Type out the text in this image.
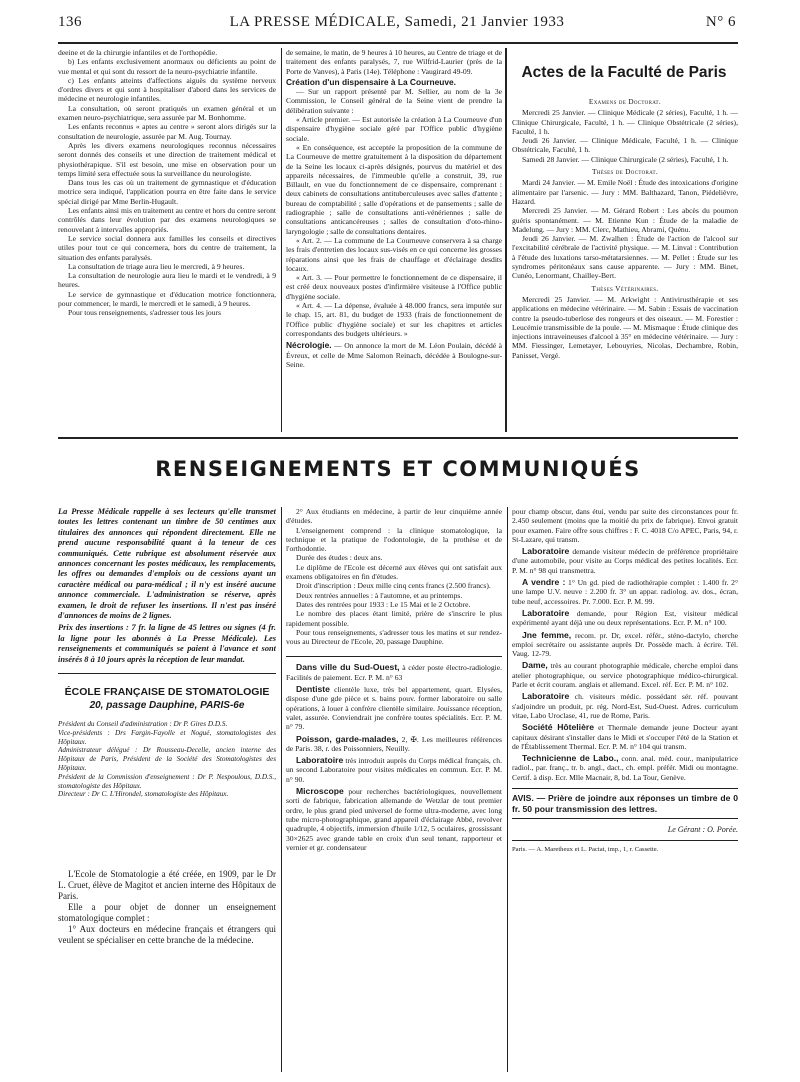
136	LA PRESSE MÉDICALE, Samedi, 21 Janvier 1933	N° 6

deeine et de la chirurgie infantiles et de l'orthopédie.

b) Les enfants exclusivement anormaux ou déficients au point de vue mental et qui sont du ressort de la neuro-psychiatrie infantile.

c) Les enfants atteints d'affections aiguës du système nerveux d'ordres divers et qui sont à hospitaliser d'abord dans les services de médecine et neurologie infantiles.

La consultation, où seront pratiqués un examen général et un examen neuro-psychiatrique, sera assurée par M. Bonhomme.

Les enfants reconnus « aptes au centre » seront alors dirigés sur la consultation de neurologie, assurée par M. Aug. Tournay.

Après les divers examens neurologiques reconnus nécessaires seront donnés des conseils et une direction de traitement médical et physiothérapique. S'il est besoin, une mise en observation pour un temps limité sera effectuée sous la surveillance du neurologiste.

Dans tous les cas où un traitement de gymnastique et d'éducation motrice sera indiqué, l'application pourra en être faite dans le service spécial dirigé par Mme Berlin-Hugault.

Les enfants ainsi mis en traitement au centre et hors du centre seront contrôlés dans leur évolution par des examens neurologiques se renouvelant à intervalles appropriés.

Le service social donnera aux familles les conseils et directives utiles pour tout ce qui concernera, hors du centre de traitement, la situation des enfants paralysés.

La consultation de triage aura lieu le mercredi, à 9 heures.

La consultation de neurologie aura lieu le mardi et le vendredi, à 9 heures.

Le service de gymnastique et d'éducation motrice fonctionnera, pour commencer, le mardi, le mercredi et le samedi, à 9 heures.

Pour tous renseignements, s'adresser tous les jours

de semaine, le matin, de 9 heures à 10 heures, au Centre de triage et de traitement des enfants paralysés, 7, rue Wilfrid-Laurier (près de la Porte de Vanves), à Paris (14e). Téléphone : Vaugirard 49-09.

Création d'un dispensaire à La Courneuve.

— Sur un rapport présenté par M. Sellier, au nom de la 3e Commission, le Conseil général de la Seine vient de prendre la délibération suivante :

« Article premier. — Est autorisée la création à La Courneuve d'un dispensaire d'hygiène sociale géré par l'Office public d'hygiène sociale.

« En conséquence, est acceptée la proposition de la commune de La Courneuve de mettre gratuitement à la disposition du département de la Seine les locaux ci-après désignés, pourvus du matériel et des appareils nécessaires, de l'immeuble qu'elle a construit, 39, rue Billault, en vue du fonctionnement de ce dispensaire, comprenant : deux cabinets de consultations antituberculeuses avec salles d'attente ; bureau de comptabilité ; salle d'opérations et de pansements ; salle de radiographie ; salle de consultations anti-vénériennes ; salle de consultations anticancéreuses ; salles de consultation d'oto-rhino-laryngologie ; salle de consultations dentaires.

« Art. 2. — La commune de La Courneuve conservera à sa charge les frais d'entretien des locaux sus-visés en ce qui concerne les grosses réparations ainsi que les frais de chauffage et d'éclairage desdits locaux.

« Art. 3. — Pour permettre le fonctionnement de ce dispensaire, il est créé deux nouveaux postes d'infirmière visiteuse à l'Office public d'hygiène sociale.

« Art. 4. — La dépense, évaluée à 48.000 francs, sera imputée sur le chap. 15, art. 81, du budget de 1933 (frais de fonctionnement de l'Office public d'hygiène sociale) et sur les chapitres et articles correspondants des budgets ultérieurs. »

Nécrologie. — On annonce la mort de M. Léon Poulain, décédé à Évreux, et celle de Mme Salomon Reinach, décédée à Boulogne-sur-Seine.

Actes de la Faculté de Paris

Examens de Doctorat.

Mercredi 25 Janvier. — Clinique Médicale (2 séries), Faculté, 1 h. — Clinique Chirurgicale, Faculté, 1 h. — Clinique Obstétricale (2 séries), Faculté, 1 h.

Jeudi 26 Janvier. — Clinique Médicale, Faculté, 1 h. — Clinique Obstétricale, Faculté, 1 h.

Samedi 28 Janvier. — Clinique Chirurgicale (2 séries), Faculté, 1 h.

Thèses de Doctorat.

Mardi 24 Janvier. — M. Emile Noël : Étude des intoxications d'origine alimentaire par l'arsenic. — Jury : MM. Balthazard, Tanon, Piédelièvre, Hazard.

Mercredi 25 Janvier. — M. Gérard Robert : Les abcès du poumon guéris spontanément. — M. Etienne Kun : Étude de la maladie de Madelung. — Jury : MM. Clerc, Mathieu, Abrami, Quénu.

Jeudi 26 Janvier. — M. Zwalhen : Étude de l'action de l'alcool sur l'excitabilité cérébrale de l'activité physique. — M. Linval : Contribution à l'étude des luxations tarso-métatarsiennes. — M. Pellet : Étude sur les syndromes péritonéaux sans cause apparente. — Jury : MM. Binet, Cunéo, Lenormant, Chailley-Bert.

Thèses Vétérinaires.

Mercredi 25 Janvier. — M. Arkwight : Antivirusthérapie et ses applications en médecine vétérinaire. — M. Sabin : Essais de vaccination contre la pseudo-tuberlose des rongeurs et des oiseaux. — M. Forestier : Leucémie transmissible de la poule. — M. Mismaque : Étude clinique des injections intraveineuses d'alcool à 35° en médecine vétérinaire. — Jury : MM. Fiessinger, Lemetayer, Lebouyries, Nicolas, Dechambre, Robin, Panisset, Vergé.

RENSEIGNEMENTS ET COMMUNIQUÉS

La Presse Médicale rappelle à ses lecteurs qu'elle transmet toutes les lettres contenant un timbre de 50 centimes aux titulaires des annonces qui répondent directement. Elle ne prend aucune responsabilité quant à la teneur de ces communiqués. Cette rubrique est absolument réservée aux annonces concernant les postes médicaux, les remplacements, les offres ou demandes d'emplois ou de cessions ayant un caractère médical ou para-médical ; il n'y est inséré aucune annonce commerciale. L'administration se réserve, après examen, le droit de refuser les insertions. Il n'est pas inséré d'annonces de moins de 2 lignes.

Prix des insertions : 7 fr. la ligne de 45 lettres ou signes (4 fr. la ligne pour les abonnés à La Presse Médicale). Les renseignements et communiqués se paient à l'avance et sont insérés 8 à 10 jours après la réception de leur mandat.

ÉCOLE FRANÇAISE DE STOMATOLOGIE

20, passage Dauphine, PARIS-6e

Président du Conseil d'administration : Dr P. Gires D.D.S.

Vice-présidents : Drs Fargin-Fayolle et Nogué, stomatologistes des Hôpitaux.

Administrateur délégué : Dr Rousseau-Decelle, ancien interne des Hôpitaux de Paris, Président de la Société des Stomatologistes des Hôpitaux.

Président de la Commission d'enseignement : Dr P. Nespoulous, D.D.S., stomatologiste des Hôpitaux.

Directeur : Dr C. L'Hirondel, stomatologiste des Hôpitaux.

L'Ecole de Stomatologie a été créée, en 1909, par le Dr L. Cruet, élève de Magitot et ancien interne des Hôpitaux de Paris.

Elle a pour objet de donner un enseignement stomatologique complet :

1° Aux docteurs en médecine français et étrangers qui veulent se spécialiser en cette branche de la médecine.

2° Aux étudiants en médecine, à partir de leur cinquième année d'études.

L'enseignement comprend : la clinique stomatologique, la technique et la pratique de l'odontologie, de la prothèse et de l'orthodontie.

Durée des études : deux ans.

Le diplôme de l'Ecole est décerné aux élèves qui ont satisfait aux examens obligatoires en fin d'études.

Droit d'inscription : Deux mille cinq cents francs (2.500 francs).

Deux rentrées annuelles : à l'automne, et au printemps.

Dates des rentrées pour 1933 : Le 15 Mai et le 2 Octobre.

Le nombre des places étant limité, prière de s'inscrire le plus rapidement possible.

Pour tous renseignements, s'adresser tous les matins et sur rendez-vous au Directeur de l'Ecole, 20, passage Dauphine.

Dans ville du Sud-Ouest, à céder poste électro-radiologie. Facilités de paiement. Ecr. P. M. n° 63

Dentiste clientèle luxe, très bel appartement, quart. Elysées, dispose d'une gde pièce et s. bains pouv. former laboratoire ou salle opérations, à louer à confrère clientèle similaire. Jouissance réception, valet, assurée. Conviendrait jne confrère toutes spécialités. Ecr. P. M. n° 79.

Poisson, garde-malades, 2, ✠. Les meilleures références de Paris. 38, r. des Poissonniers, Neuilly.

Laboratoire très introduit auprès du Corps médical français, ch. un second Laboratoire pour visites médicales en commun. Ecr. P. M. n° 90.

Microscope pour recherches bactériologiques, nouvellement sorti de fabrique, fabrication allemande de Wetzlar de tout premier ordre, le plus grand pied universel de forme ultra-moderne, avec long tube micro-photographique, grand appareil d'éclairage Abbé, revolver quadruple, 4 objectifs, immersion d'huile 1/12, 5 oculaires, grossissant 30×2625 avec grande table en croix d'un seul tenant, rapporteur et vernier et gr. condensateur

pour champ obscur, dans étui, vendu par suite des circonstances pour fr. 2.450 seulement (moins que la moitié du prix de fabrique). Envoi gratuit pour examen. Faire offre sous chiffres : F. C. 4018 C/o APEC, Paris, 94, r. St-Lazare, qui transm.

Laboratoire demande visiteur médecin de préférence propriétaire d'une automobile, pour visite au Corps médical des petites localités. Ecr. P. M. n° 98 qui transmettra.

A vendre : 1° Un gd. pied de radiothérapie complet : 1.400 fr. 2° une lampe U.V. neuve : 2.200 fr. 3° un appar. radiolog. av. dos., écran, tube neuf, accessoires. Pr. 7.000. Ecr. P. M. 99.

Laboratoire demande, pour Région Est, visiteur médical expérimenté ayant déjà une ou deux représentations. Ecr. P. M. n° 100.

Jne femme, recom. pr. Dr, excel. référ., sténo-dactylo, cherche emploi secrétaire ou assistante auprès Dr. Possède mach. à écrire. Tél. Vaug. 12-79.

Dame, très au courant photographie médicale, cherche emploi dans atelier photographique, ou service photographique médico-chirurgical. Parle et écrit couram. anglais et allemand. Excel. réf. Ecr. P. M. n° 102.

Laboratoire ch. visiteurs médic. possédant sér. réf. pouvant s'adjoindre un produit, pr. rég. Nord-Est, Sud-Ouest. Adres. curriculum vitae, Labo Uroclase, 41, rue de Rome, Paris.

Société Hôtelière et Thermale demande jeune Docteur ayant capitaux désirant s'installer dans le Midi et s'occuper l'été de la Station et de l'Établissement Thermal. Ecr. P. M. n° 104 qui transm.

Technicienne de Labo., conn. anal. méd. cour., manipulatrice radiol., par. franç., tr. b. angl., dact., ch. empl. préfér. Midi ou montagne. Certif. à disp. Ecr. Mlle Macnair, 8, bd. La Tour, Genève.

AVIS. — Prière de joindre aux réponses un timbre de 0 fr. 50 pour transmission des lettres.

Le Gérant : O. Porée.

Paris. — A. Maretheux et L. Pactat, imp., 1, r. Cassette.
